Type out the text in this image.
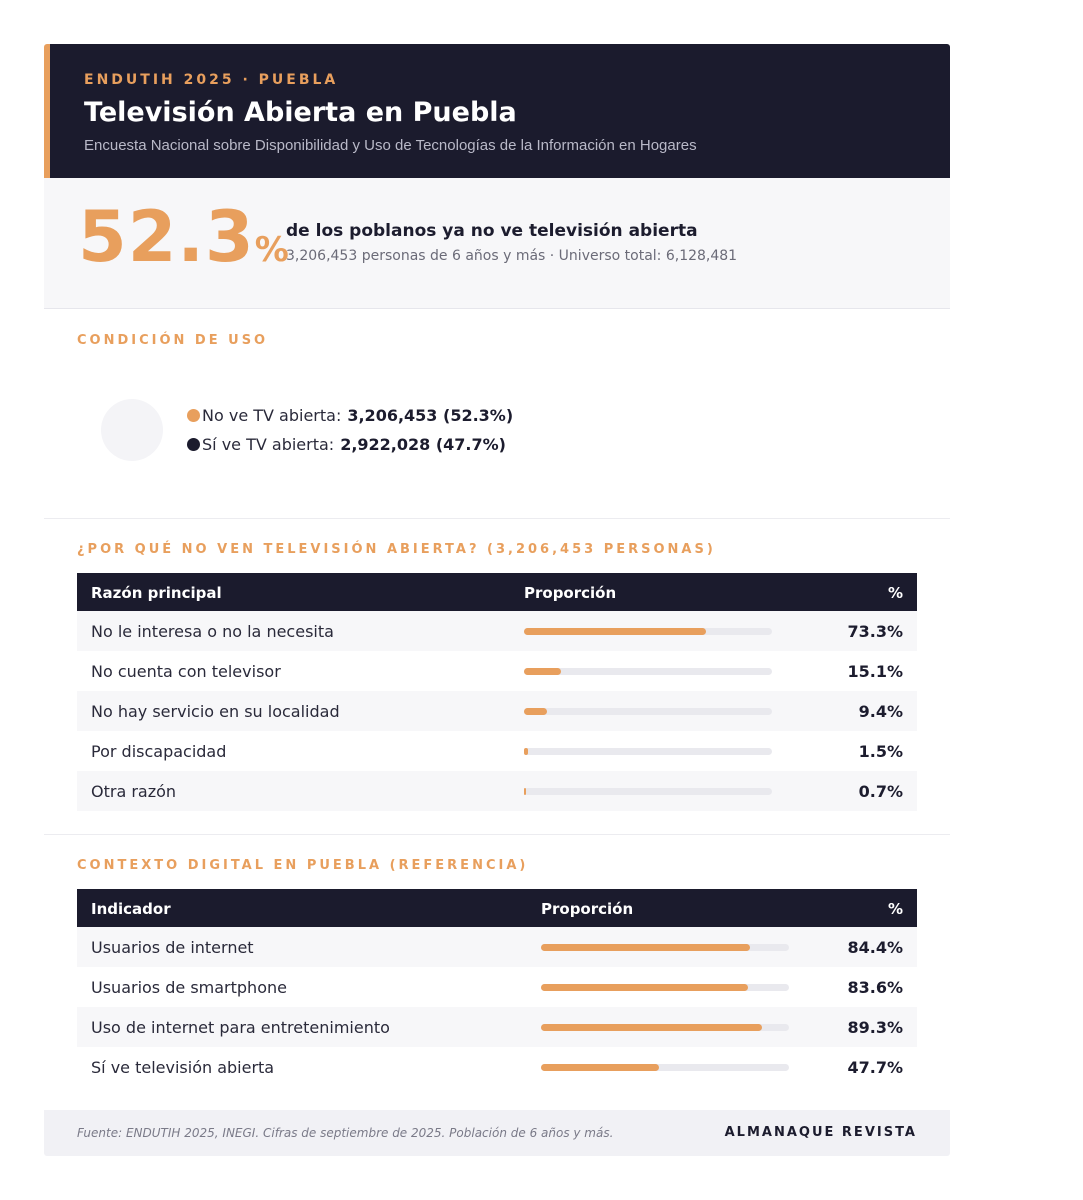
ENDUTIH 2025 · PUEBLA
Televisión Abierta en Puebla
Encuesta Nacional sobre Disponibilidad y Uso de Tecnologías de la Información en Hogares
52.3%
de los poblanos ya no ve televisión abierta
3,206,453 personas de 6 años y más · Universo total: 6,128,481
CONDICIÓN DE USO
No ve TV abierta: 3,206,453 (52.3%)
Sí ve TV abierta: 2,922,028 (47.7%)
¿POR QUÉ NO VEN TELEVISIÓN ABIERTA? (3,206,453 PERSONAS)
Razón principal	Proporción	%
No le interesa o no la necesita	73.3%
No cuenta con televisor	15.1%
No hay servicio en su localidad	9.4%
Por discapacidad	1.5%
Otra razón	0.7%
CONTEXTO DIGITAL EN PUEBLA (REFERENCIA)
Indicador	Proporción	%
Usuarios de internet	84.4%
Usuarios de smartphone	83.6%
Uso de internet para entretenimiento	89.3%
Sí ve televisión abierta	47.7%
Fuente: ENDUTIH 2025, INEGI. Cifras de septiembre de 2025. Población de 6 años y más.	ALMANAQUE REVISTA
